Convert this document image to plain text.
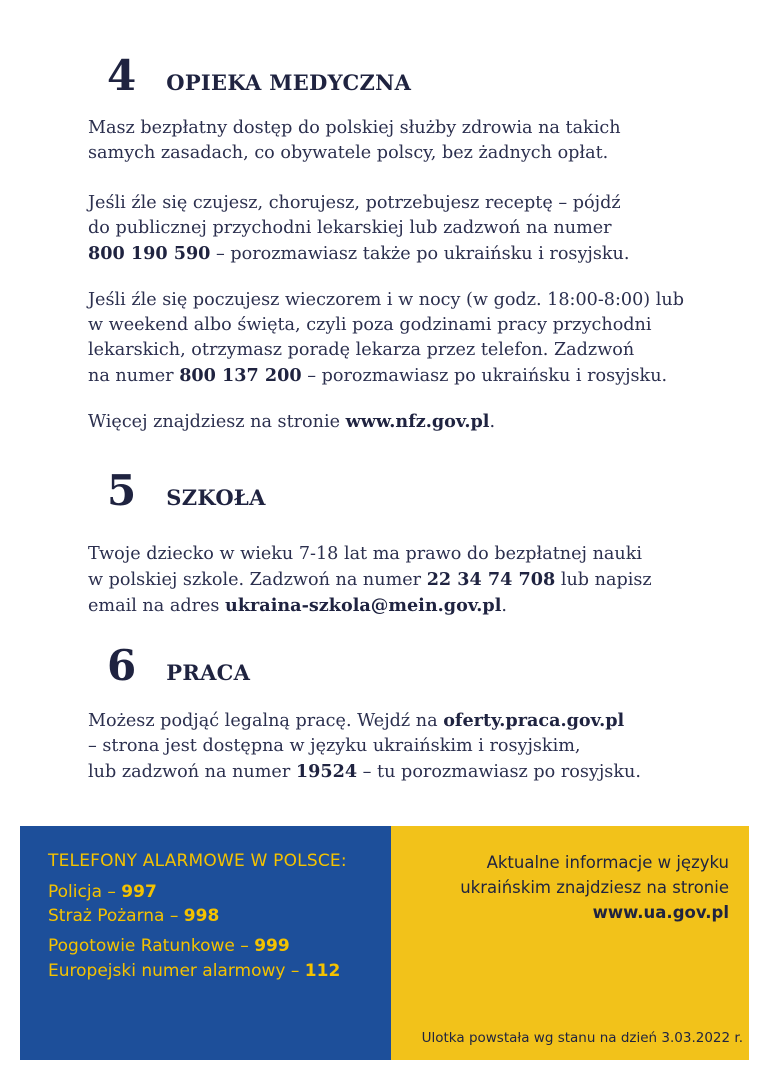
4 OPIEKA MEDYCZNA
Masz bezpłatny dostęp do polskiej służby zdrowia na takich
samych zasadach, co obywatele polscy, bez żadnych opłat.
Jeśli źle się czujesz, chorujesz, potrzebujesz receptę – pójdź
do publicznej przychodni lekarskiej lub zadzwoń na numer
800 190 590 – porozmawiasz także po ukraińsku i rosyjsku.
Jeśli źle się poczujesz wieczorem i w nocy (w godz. 18:00-8:00) lub
w weekend albo święta, czyli poza godzinami pracy przychodni
lekarskich, otrzymasz poradę lekarza przez telefon. Zadzwoń
na numer 800 137 200 – porozmawiasz po ukraińsku i rosyjsku.
Więcej znajdziesz na stronie www.nfz.gov.pl.
5 SZKOŁA
Twoje dziecko w wieku 7-18 lat ma prawo do bezpłatnej nauki
w polskiej szkole. Zadzwoń na numer 22 34 74 708 lub napisz
email na adres ukraina-szkola@mein.gov.pl.
6 PRACA
Możesz podjąć legalną pracę. Wejdź na oferty.praca.gov.pl
– strona jest dostępna w języku ukraińskim i rosyjskim,
lub zadzwoń na numer 19524 – tu porozmawiasz po rosyjsku.
TELEFONY ALARMOWE W POLSCE:
Policja – 997
Straż Pożarna – 998
Pogotowie Ratunkowe – 999
Europejski numer alarmowy – 112
Aktualne informacje w języku
ukraińskim znajdziesz na stronie
www.ua.gov.pl
Ulotka powstała wg stanu na dzień 3.03.2022 r.
